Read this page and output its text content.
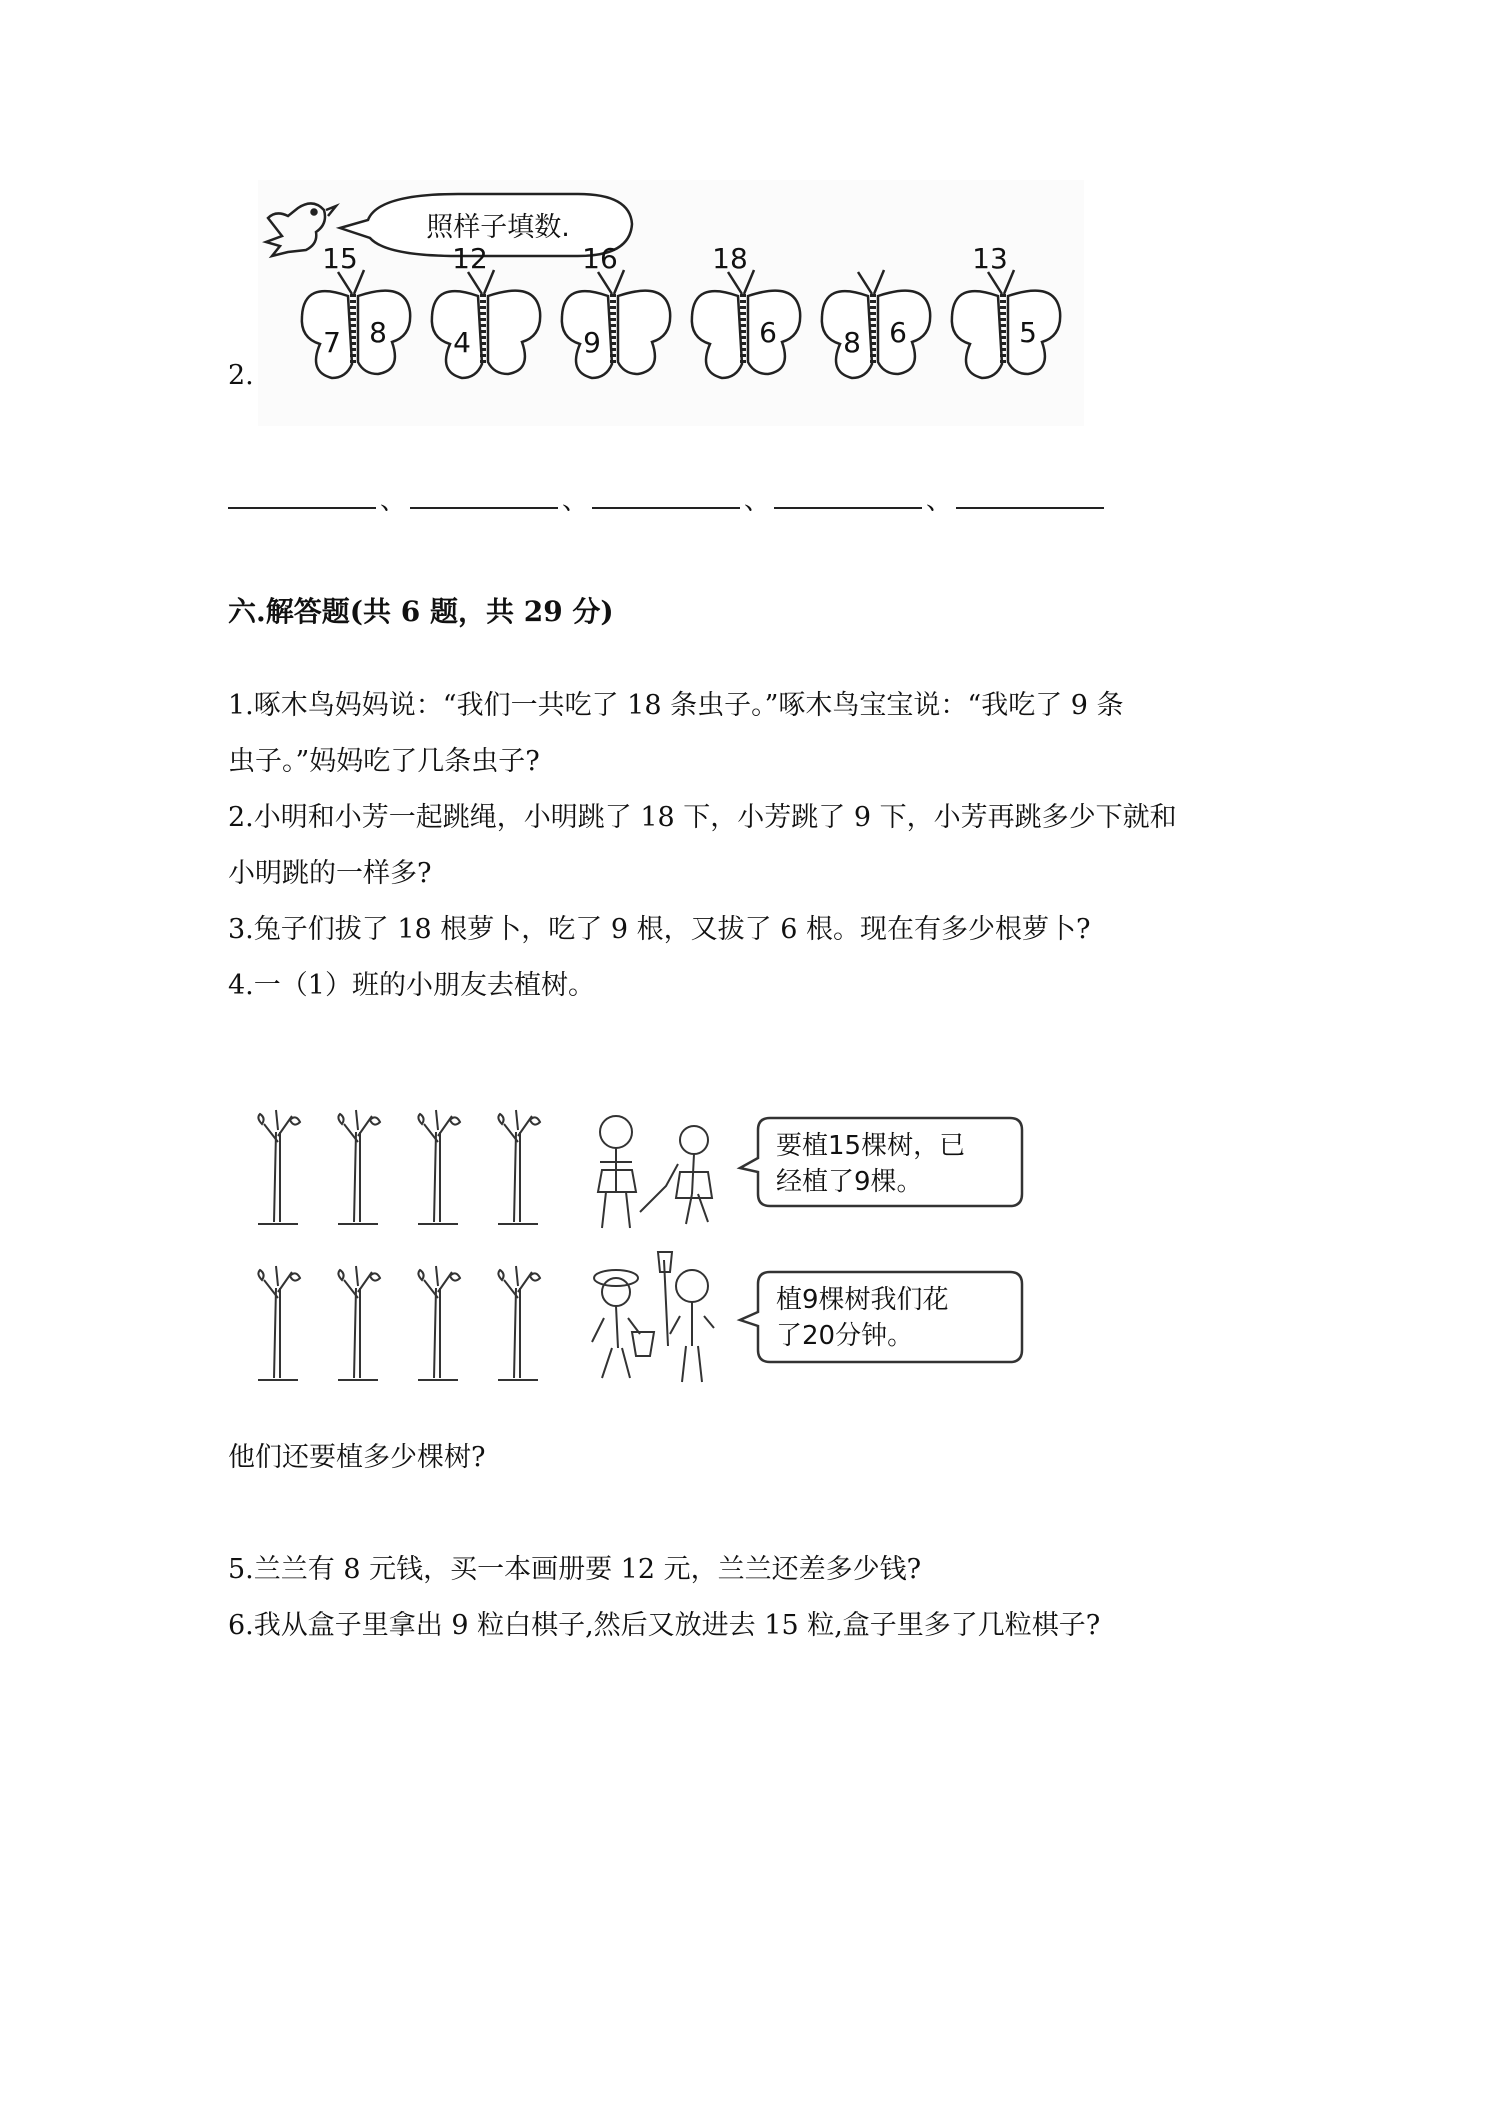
2.
照样子填数.
15
7 8
12
4
16
9
18
6 8 6
13
5
、	、	、	、
六.解答题(共 6 题，共 29 分)
1.啄木鸟妈妈说：“我们一共吃了 18 条虫子。”啄木鸟宝宝说：“我吃了 9 条
虫子。”妈妈吃了几条虫子?
2.小明和小芳一起跳绳，小明跳了 18 下，小芳跳了 9 下，小芳再跳多少下就和
小明跳的一样多?
3.兔子们拔了 18 根萝卜，吃了 9 根，又拔了 6 根。现在有多少根萝卜?
4.一（1）班的小朋友去植树。
要植15棵树，已
经植了9棵。
植9棵树我们花
了20分钟。
他们还要植多少棵树?
5.兰兰有 8 元钱，买一本画册要 12 元，兰兰还差多少钱?
6.我从盒子里拿出 9 粒白棋子,然后又放进去 15 粒,盒子里多了几粒棋子?
